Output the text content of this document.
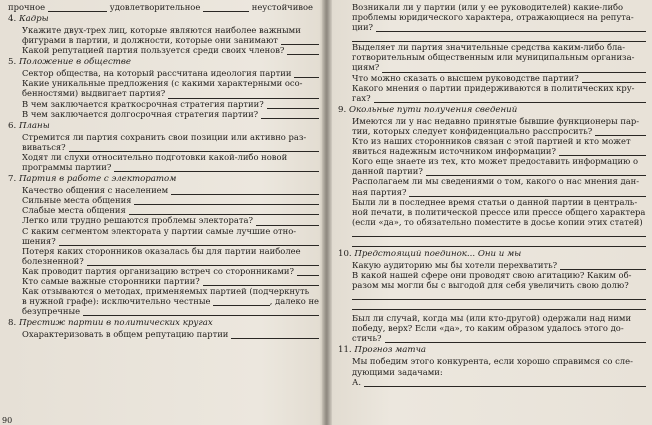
прочное	удовлетворительное	неустойчивое
4. Кадры
Укажите двух-трех лиц, которые являются наиболее важными
фигурами в партии, и должности, которые они занимают
Какой репутацией партия пользуется среди своих членов?
5. Положение в обществе
Сектор общества, на который рассчитана идеология партии
Какие уникальные предложения (с какими характерными осо-
бенностями) выдвигает партия?
В чем заключается краткосрочная стратегия партии?
В чем заключается долгосрочная стратегия партии?
6. Планы
Стремится ли партия сохранить свои позиции или активно раз-
виваться?
Ходят ли слухи относительно подготовки какой-либо новой
программы партии?
7. Партия в работе с электоратом
Качество общения с населением
Сильные места общения
Слабые места общения
Легко или трудно решаются проблемы электората?
С каким сегментом электората у партии самые лучшие отно-
шения?
Потеря каких сторонников оказалась бы для партии наиболее
болезненной?
Как проводит партия организацию встреч со сторонниками?
Кто самые важные сторонники партии?
Как отзываются о методах, применяемых партией (подчеркнуть
в нужной графе): исключительно честные	, далеко не
безупречные
8. Престиж партии в политических кругах
Охарактеризовать в общем репутацию партии
90
Возникали ли у партии (или у ее руководителей) какие-либо
проблемы юридического характера, отражающиеся на репута-
ции?
Выделяет ли партия значительные средства каким-либо бла-
готворительным общественным или муниципальным организа-
циям?
Что можно сказать о высшем руководстве партии?
Какого мнения о партии придерживаются в политических кру-
гах?
9. Окольные пути получения сведений
Имеются ли у нас недавно принятые бывшие функционеры пар-
тии, которых следует конфиденциально расспросить?
Кто из наших сторонников связан с этой партией и кто может
явиться надежным источником информации?
Кого еще знаете из тех, кто может предоставить информацию о
данной партии?
Располагаем ли мы сведениями о том, какого о нас мнения дан-
ная партия?
Были ли в последнее время статьи о данной партии в централь-
ной печати, в политической прессе или прессе общего характера
(если «да», то обязательно поместите в досье копии этих статей)
10. Предстоящий поединок... Они и мы
Какую аудиторию мы бы хотели перехватить?
В какой нашей сфере они проводят свою агитацию? Каким об-
разом мы могли бы с выгодой для себя увеличить свою долю?
Был ли случай, когда мы (или кто-другой) одержали над ними
победу, верх? Если «да», то каким образом удалось этого до-
стичь?
11. Прогноз матча
Мы победим этого конкурента, если хорошо справимся со сле-
дующими задачами:
А.
